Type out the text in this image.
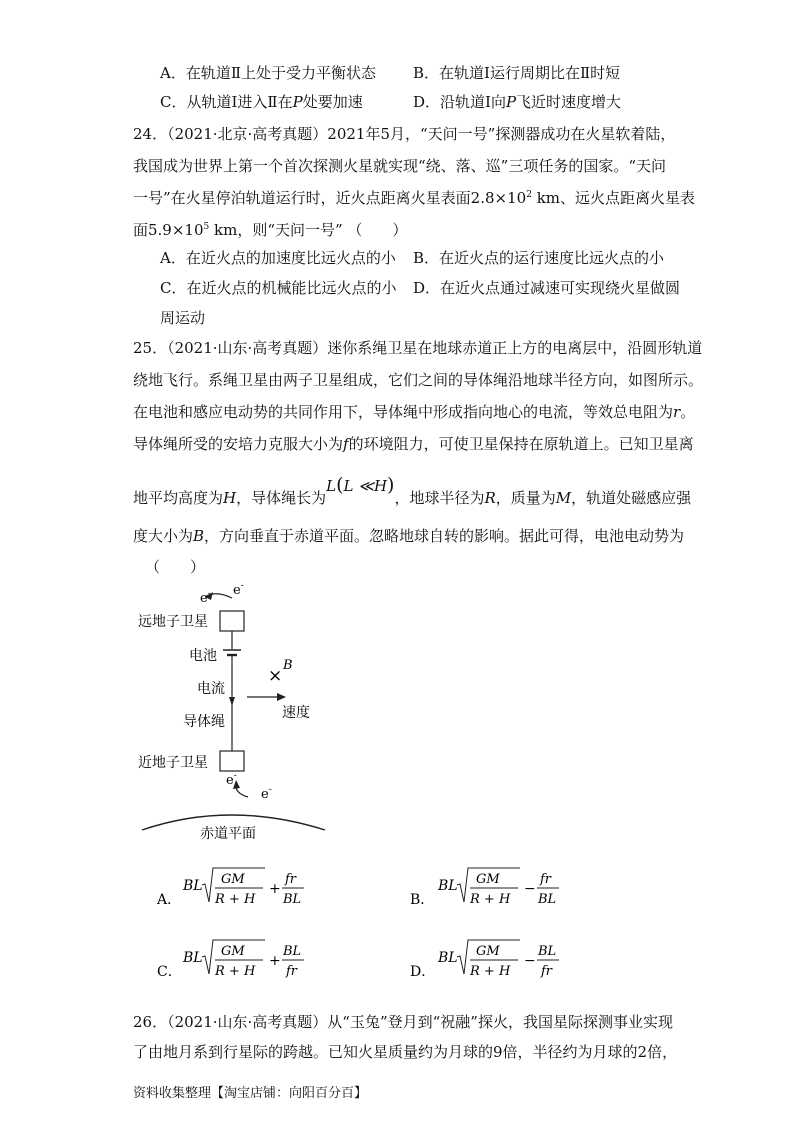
A．在轨道Ⅱ上处于受力平衡状态 B．在轨道Ⅰ运行周期比在Ⅱ时短
C．从轨道Ⅰ进入Ⅱ在P处要加速	D．沿轨道Ⅰ向P飞近时速度增大
24．（2021·北京·高考真题）2021年5月，“天问一号”探测器成功在火星软着陆，
我国成为世界上第一个首次探测火星就实现“绕、落、巡”三项任务的国家。“天问
一号”在火星停泊轨道运行时，近火点距离火星表面$2.8\times 10^2$ km、远火点距离火星表
面$5.9\times 10^5$ km，则“天问一号” （　　）
A．在近火点的加速度比远火点的小 B．在近火点的运行速度比远火点的小
C．在近火点的机械能比远火点的小 D．在近火点通过减速可实现绕火星做圆
周运动
25．（2021·山东·高考真题）迷你系绳卫星在地球赤道正上方的电离层中，沿圆形轨道
绕地飞行。系绳卫星由两子卫星组成，它们之间的导体绳沿地球半径方向，如图所示。
在电池和感应电动势的共同作用下，导体绳中形成指向地心的电流，等效总电阻为r。
导体绳所受的安培力克服大小为f的环境阻力，可使卫星保持在原轨道上。已知卫星离
地平均高度为H，导体绳长为L(L ≪H)，地球半径为R，质量为M，轨道处磁感应强
度大小为B，方向垂直于赤道平面。忽略地球自转的影响。据此可得，电池电动势为
（　　）
e- e-
远地子卫星
电池
电流
导体绳
×
B
速度
近地子卫星
e-
e-
赤道平面
A．
BL GM
R + H
+
fr
BL	B．
BL GM
R + H
−
fr
BL
C．
BL GM
R + H
+
BL
fr	D．
BL GM
R + H
−
BL
fr
26．（2021·山东·高考真题）从“玉兔”登月到“祝融”探火，我国星际探测事业实现
了由地月系到行星际的跨越。已知火星质量约为月球的9倍，半径约为月球的2倍，
资料收集整理【淘宝店铺：向阳百分百】
